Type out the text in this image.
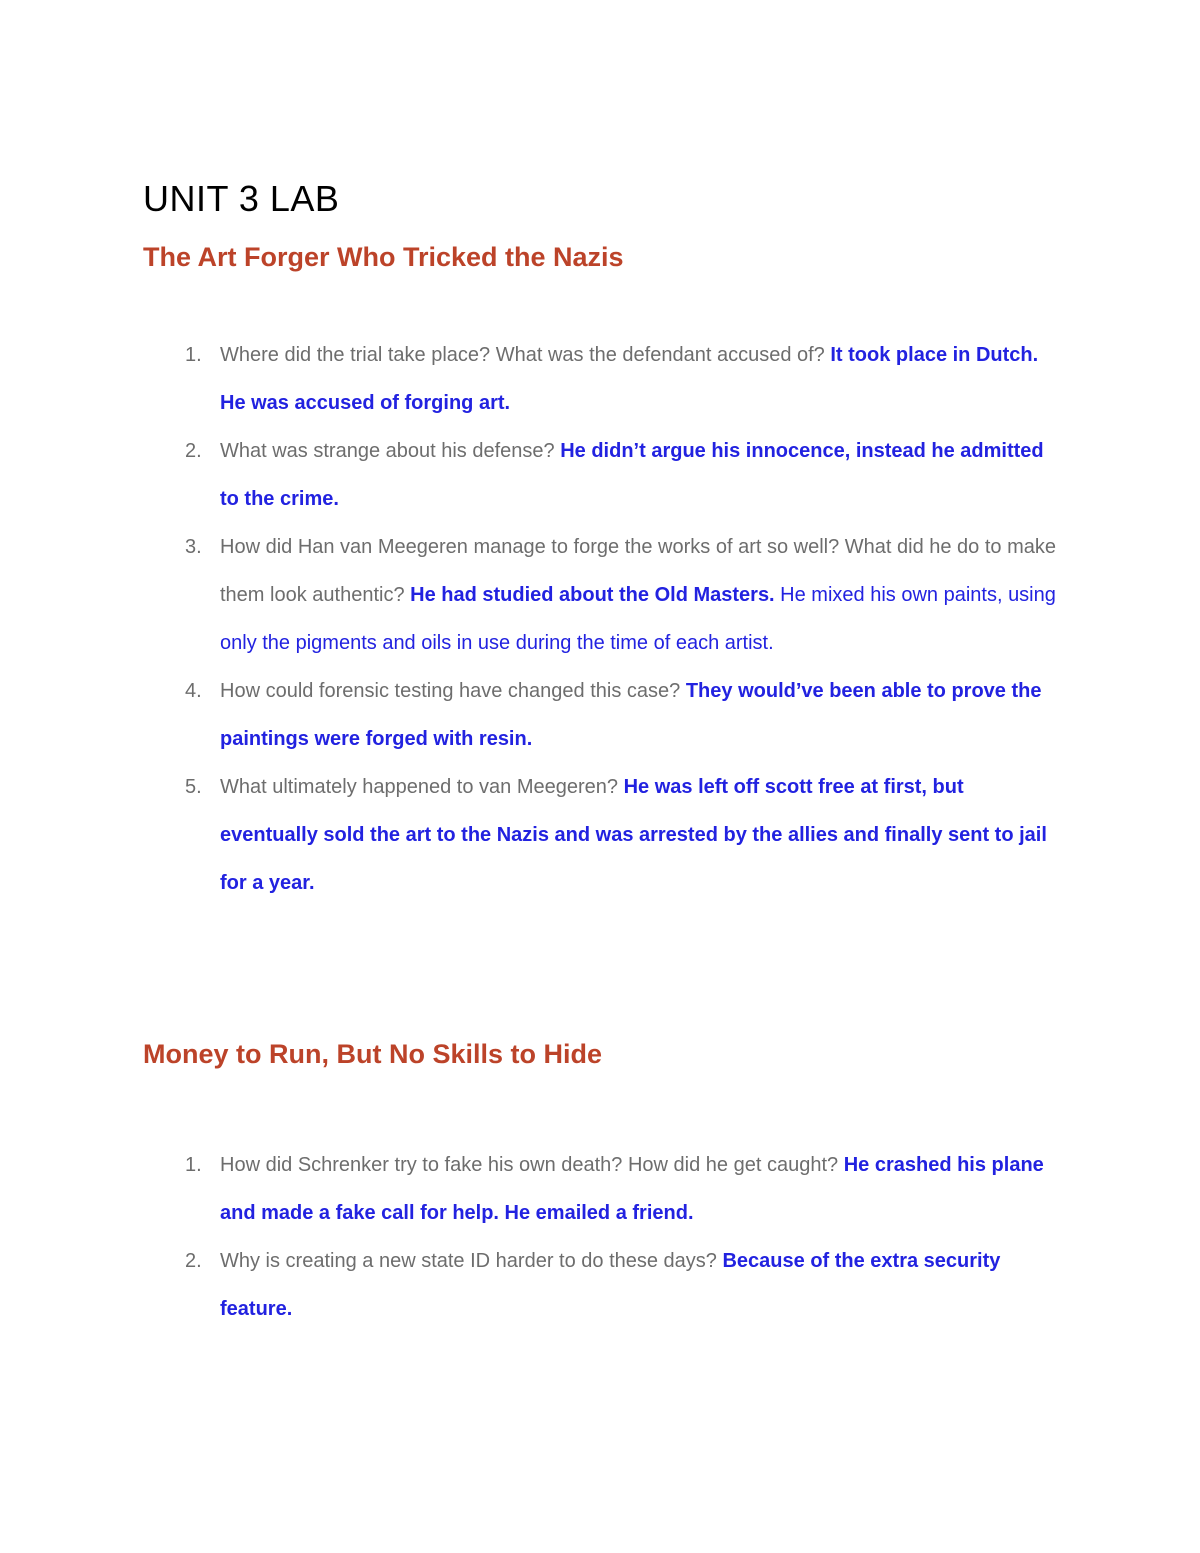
UNIT 3 LAB
The Art Forger Who Tricked the Nazis
1. Where did the trial take place? What was the defendant accused of? It took place in Dutch. He was accused of forging art.
2. What was strange about his defense? He didn’t argue his innocence, instead he admitted to the crime.
3. How did Han van Meegeren manage to forge the works of art so well? What did he do to make them look authentic? He had studied about the Old Masters. He mixed his own paints, using only the pigments and oils in use during the time of each artist.
4. How could forensic testing have changed this case? They would’ve been able to prove the paintings were forged with resin.
5. What ultimately happened to van Meegeren? He was left off scott free at first, but eventually sold the art to the Nazis and was arrested by the allies and finally sent to jail for a year.
Money to Run, But No Skills to Hide
1. How did Schrenker try to fake his own death? How did he get caught? He crashed his plane and made a fake call for help. He emailed a friend.
2. Why is creating a new state ID harder to do these days? Because of the extra security feature.
